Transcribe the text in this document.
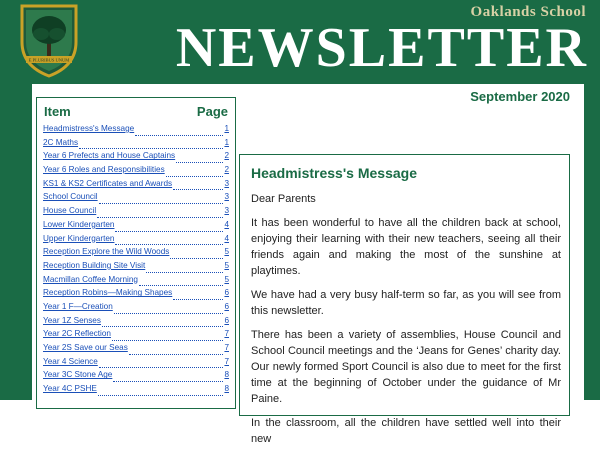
E PLURIBUS UNUM
Oaklands School
NEWSLETTER
September 2020
Item	Page
Headmistress's Message	1
2C Maths	1
Year 6 Prefects and House Captains	2
Year 6 Roles and Responsibilities	2
KS1 & KS2 Certificates and Awards	3
School Council	3
House Council	3
Lower Kindergarten	4
Upper Kindergarten	4
Reception Explore the Wild Woods	5
Reception Building Site Visit	5
Macmillan Coffee Morning	5
Reception Robins—Making Shapes	6
Year 1 F—Creation	6
Year 1Z Senses	6
Year 2C Reflection	7
Year 2S Save our Seas	7
Year 4 Science	7
Year 3C Stone Age	8
Year 4C PSHE	8
Headmistress's Message

Dear Parents

It has been wonderful to have all the children back at school, enjoying their learning with their new teachers, seeing all their friends again and making the most of the sunshine at playtimes.

We have had a very busy half-term so far, as you will see from this newsletter.

There has been a variety of assemblies, House Council and School Council meetings and the ‘Jeans for Genes’ charity day. Our newly formed Sport Council is also due to meet for the first time at the beginning of October under the guidance of Mr Paine.

In the classroom, all the children have settled well into their new
